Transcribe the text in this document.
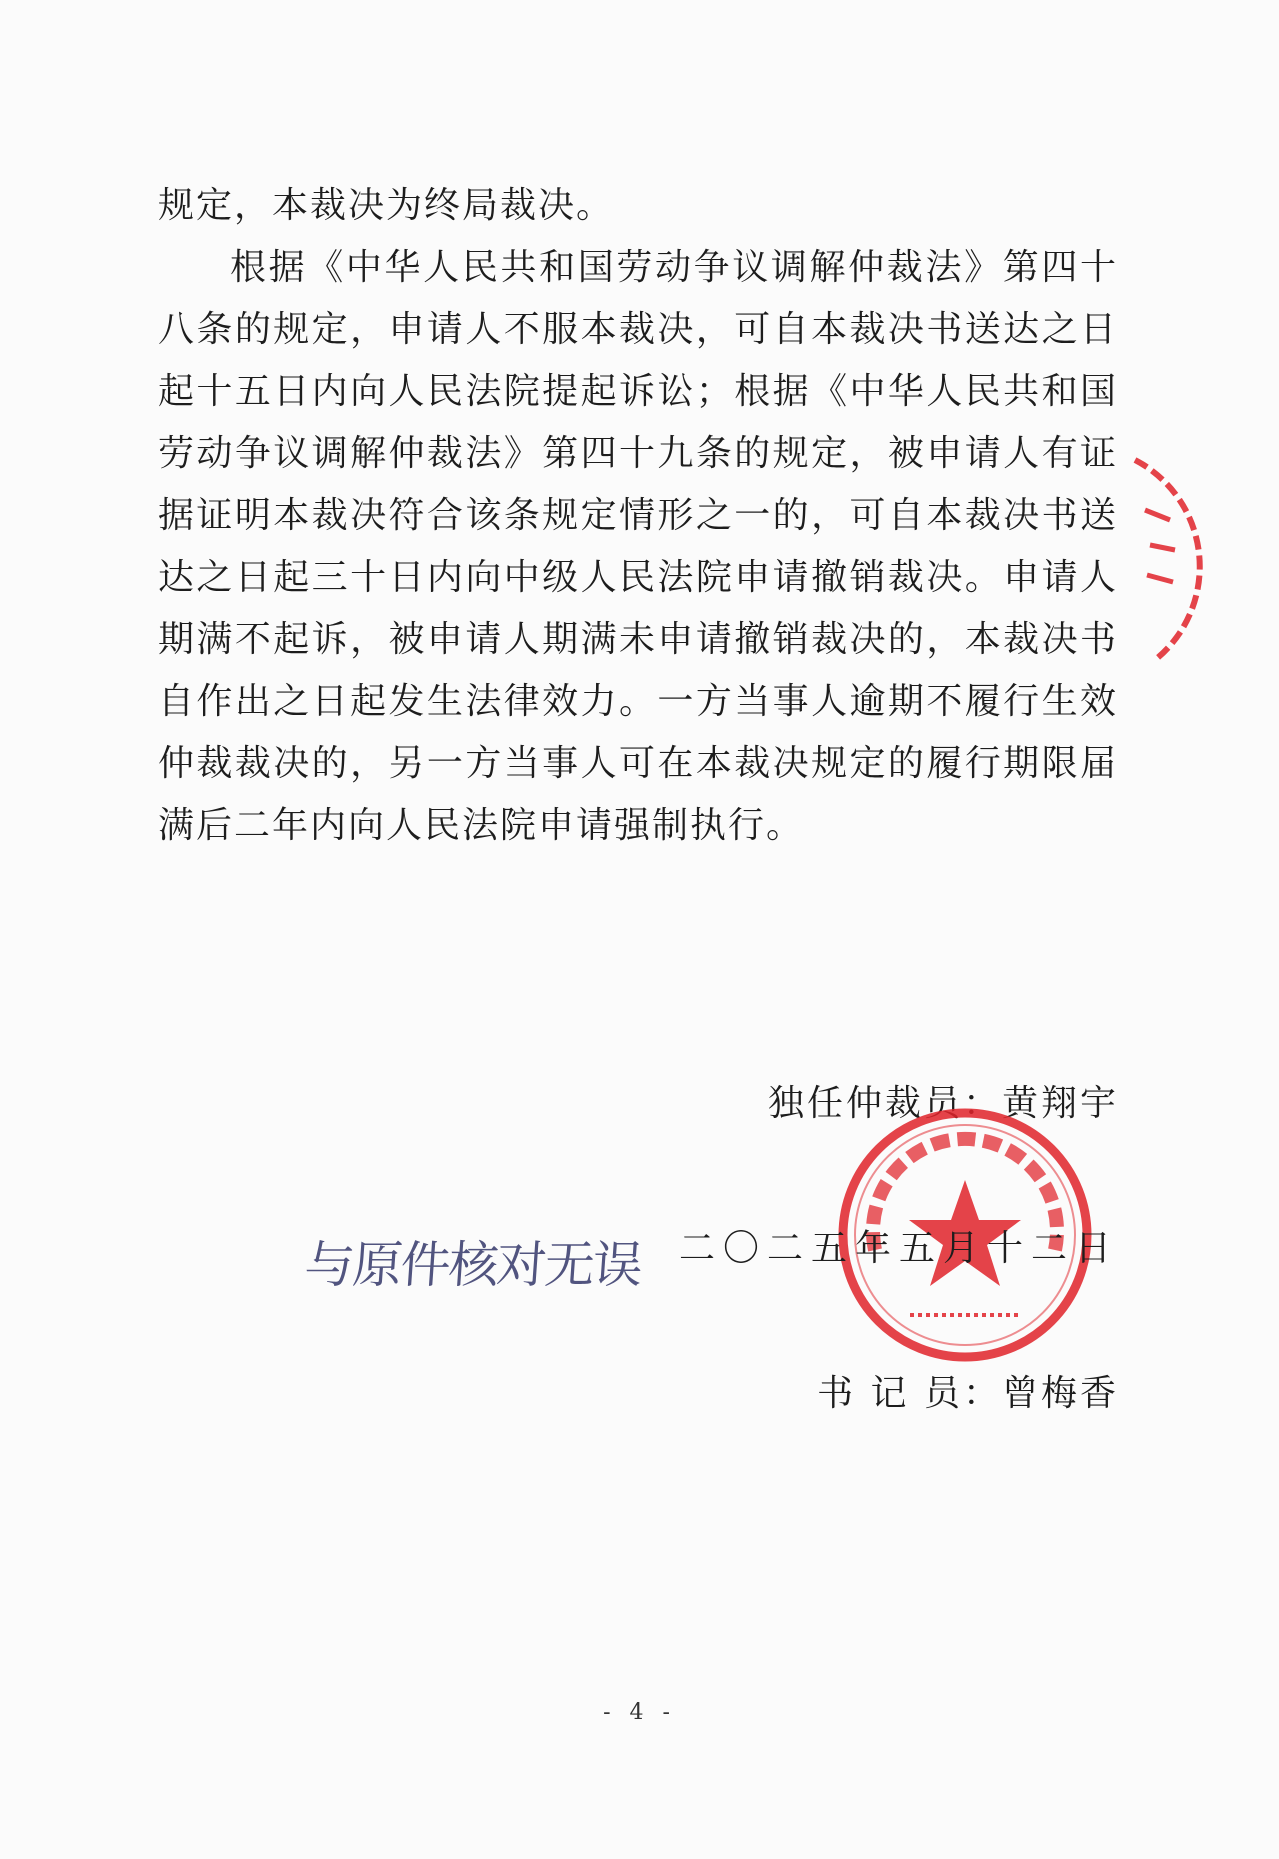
规定，本裁决为终局裁决。

根据《中华人民共和国劳动争议调解仲裁法》第四十八条的规定，申请人不服本裁决，可自本裁决书送达之日起十五日内向人民法院提起诉讼；根据《中华人民共和国劳动争议调解仲裁法》第四十九条的规定，被申请人有证据证明本裁决符合该条规定情形之一的，可自本裁决书送达之日起三十日内向中级人民法院申请撤销裁决。申请人期满不起诉，被申请人期满未申请撤销裁决的，本裁决书自作出之日起发生法律效力。一方当事人逾期不履行生效仲裁裁决的，另一方当事人可在本裁决规定的履行期限届满后二年内向人民法院申请强制执行。

独任仲裁员：黄翔宇
与原件核对无误 二〇二五年五月十二日
书 记 员：曾梅香
- 4 -
